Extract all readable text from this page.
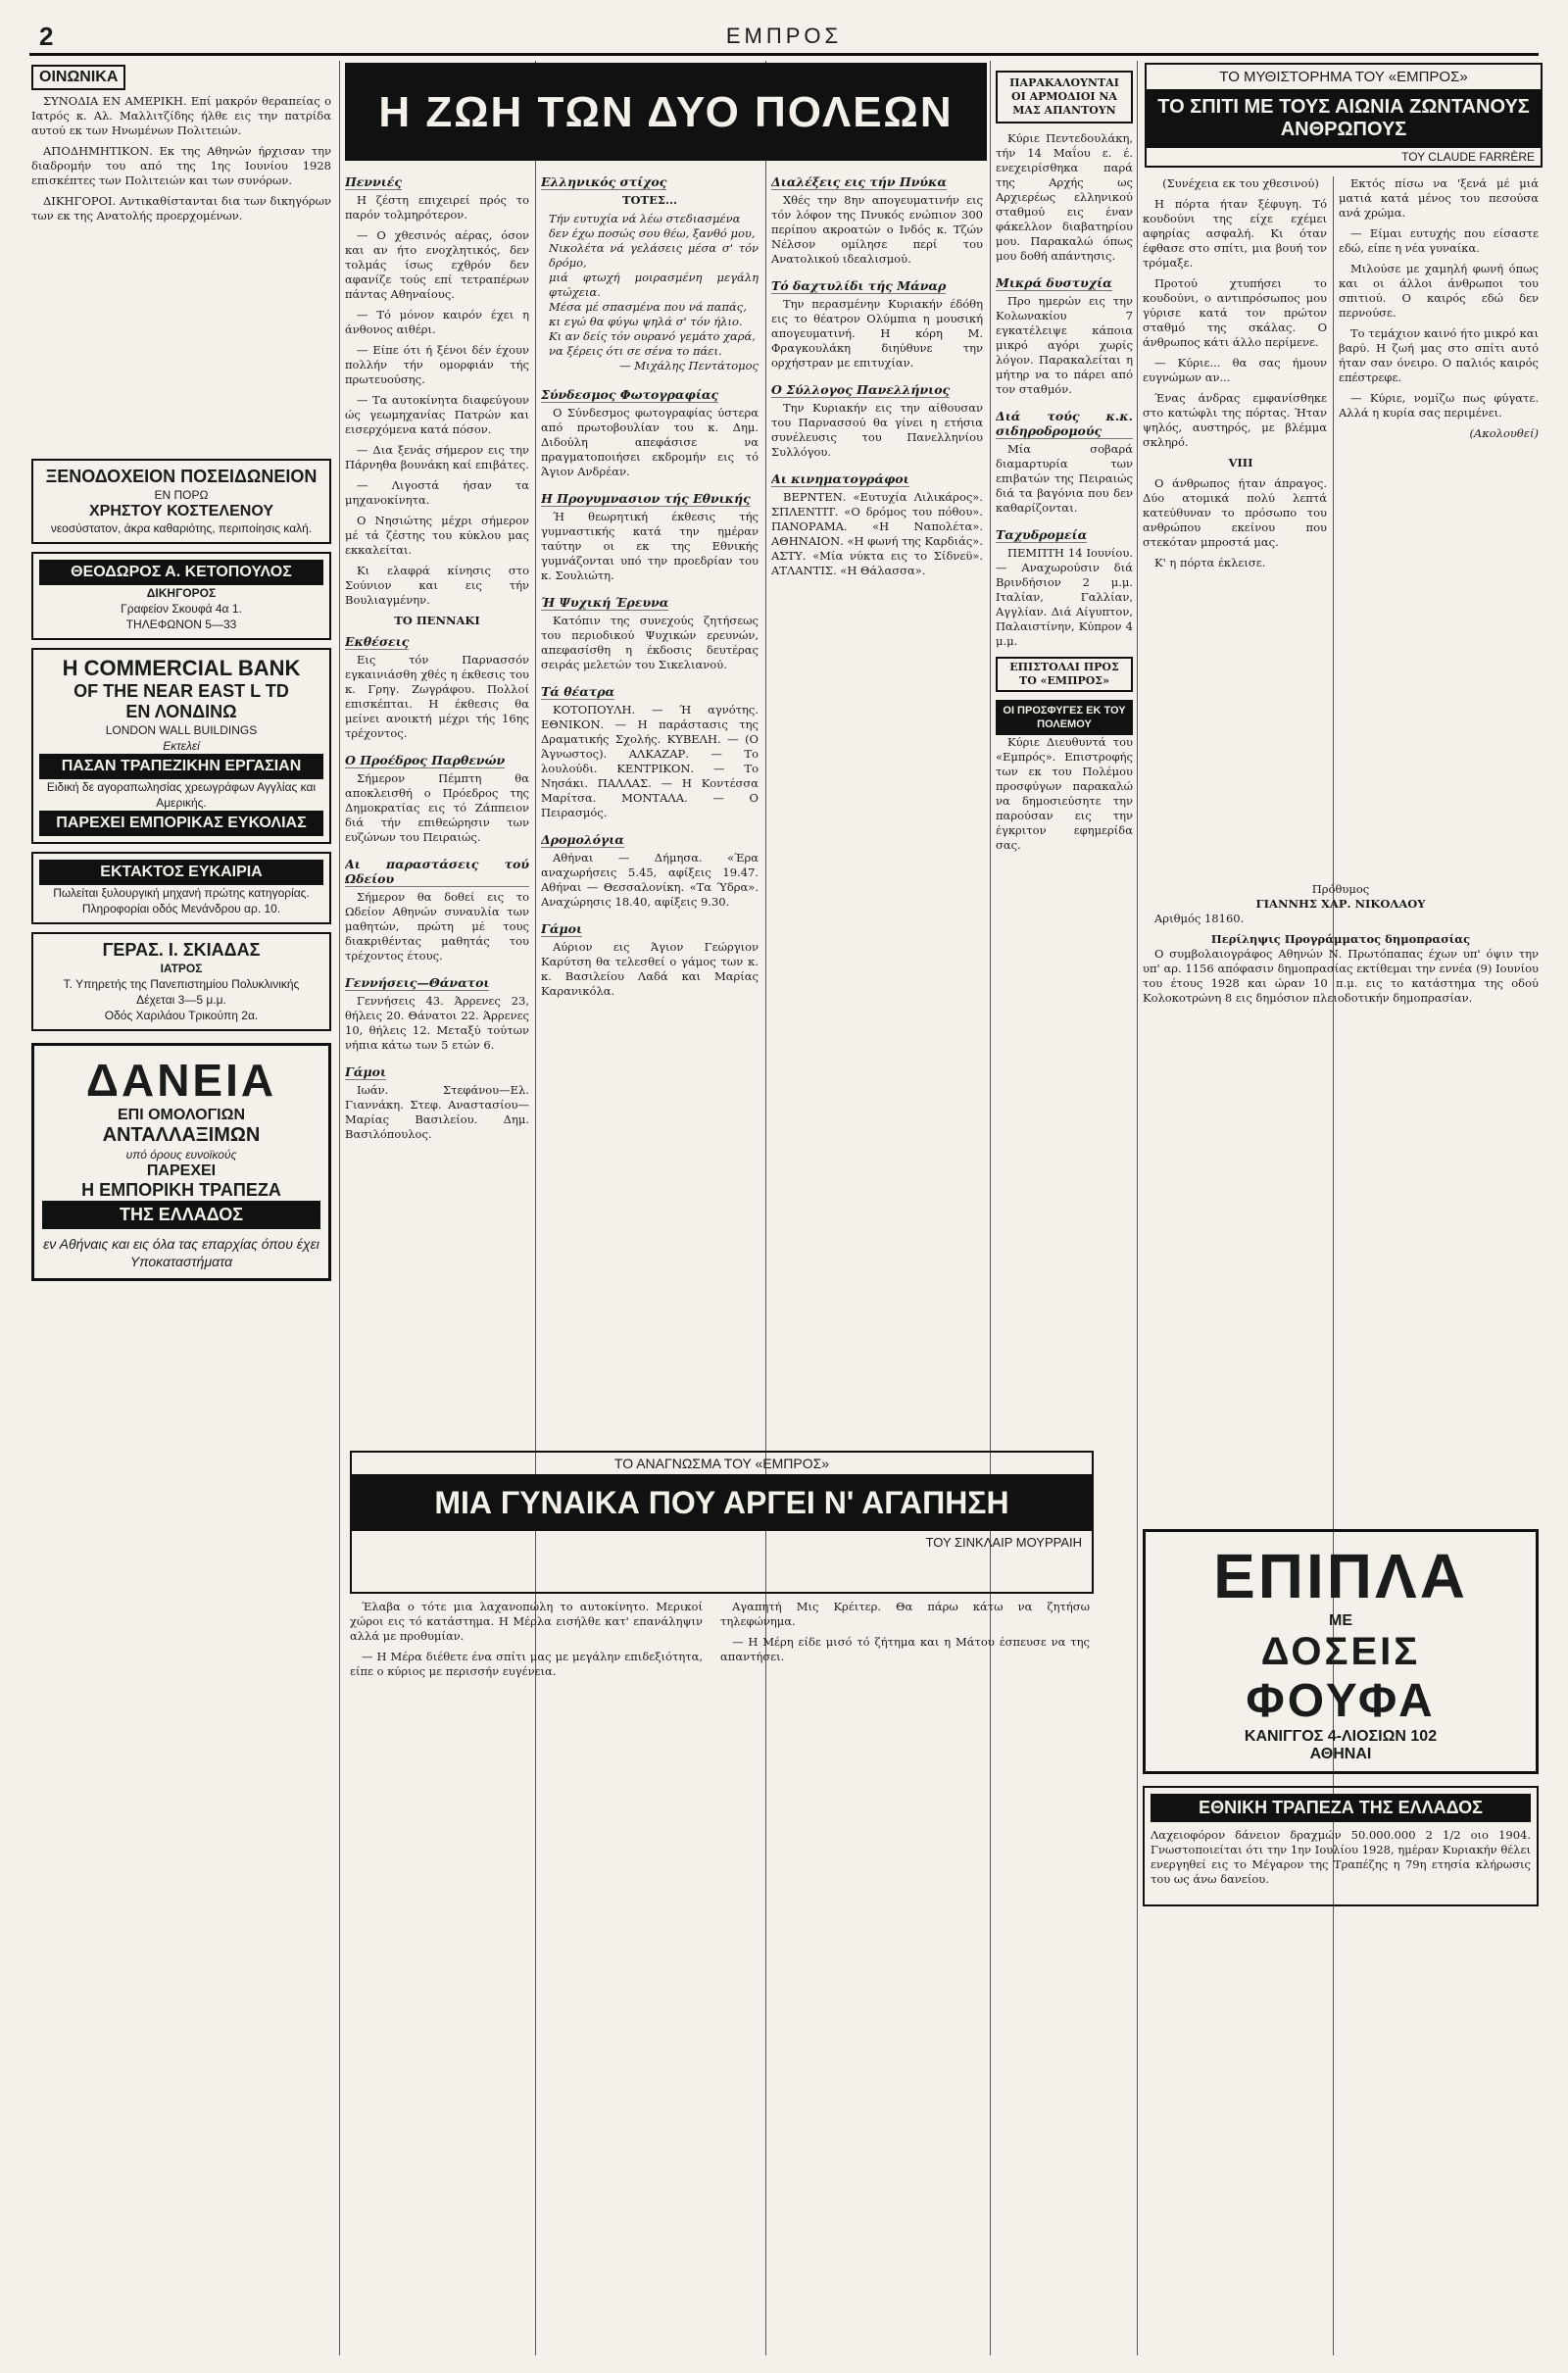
2	ΕΜΠΡΟΣ
ΟΙΝΩΝΙΚΑ

ΣΥΝΟΔΙΑ ΕΝ ΑΜΕΡΙΚΗ. Επί μακρόν θεραπείας ο Ιατρός κ. Αλ. Μαλλιτζίδης ήλθε εις την πατρίδα αυτού εκ των Ηνωμένων Πολιτειών.

ΑΠΟΔΗΜΗΤΙΚΟΝ. Εκ της Αθηνών ήρχισαν την διαδρομήν του από της 1ης Ιουνίου 1928 επισκέπτες των Πολιτειών και των συνόρων.

ΔΙΚΗΓΟΡΟΙ. Αντικαθίστανται δια των δικηγόρων των εκ της Ανατολής προερχομένων.

ΞΕΝΟΔΟΧΕΙΟΝ ΠΟΣΕΙΔΩΝΕΙΟΝ
ΕΝ ΠΟΡΩ
ΧΡΗΣΤΟΥ ΚΟΣΤΕΛΕΝΟΥ
νεοσύστατον, άκρα καθαριότης, περιποίησις καλή.
ΘΕΟΔΩΡΟΣ Α. ΚΕΤΟΠΟΥΛΟΣ
ΔΙΚΗΓΟΡΟΣ
Γραφείον Σκουφά 4α 1.
ΤΗΛΕΦΩΝΟΝ 5—33
Η COMMERCIAL BANK
OF THE NEAR EAST L TD
ΕΝ ΛΟΝΔΙΝΩ
LONDON WALL BUILDINGS
Εκτελεί
ΠΑΣΑΝ ΤΡΑΠΕΖΙΚΗΝ ΕΡΓΑΣΙΑΝ
Ειδική δε αγοραπωλησίας χρεωγράφων Αγγλίας και Αμερικής.
ΠΑΡΕΧΕΙ ΕΜΠΟΡΙΚΑΣ ΕΥΚΟΛΙΑΣ
ΕΚΤΑΚΤΟΣ ΕΥΚΑΙΡΙΑ
Πωλείται ξυλουργική μηχανή πρώτης κατηγορίας.
Πληροφορίαι οδός Μενάνδρου αρ. 10.
ΓΕΡΑΣ. Ι. ΣΚΙΑΔΑΣ
ΙΑΤΡΟΣ
Τ. Υπηρετής της Πανεπιστημίου Πολυκλινικής
Δέχεται 3—5 μ.μ.
Οδός Χαριλάου Τρικούπη 2α.
ΔΑΝΕΙΑ
ΕΠΙ ΟΜΟΛΟΓΙΩΝ
ΑΝΤΑΛΛΑΞΙΜΩΝ
υπό όρους ευνοϊκούς
ΠΑΡΕΧΕΙ
Η ΕΜΠΟΡΙΚΗ ΤΡΑΠΕΖΑ
ΤΗΣ ΕΛΛΑΔΟΣ
εν Αθήναις και εις όλα τας επαρχίας όπου έχει Υποκαταστήματα
Η ΖΩΗ ΤΩΝ ΔΥΟ ΠΟΛΕΩΝ
Πεννιές

Η ζέστη επιχειρεί πρός το παρόν τολμηρότερον.

— Ο χθεσινός αέρας, όσον και αν ήτο ενοχλητικός, δεν τολμάς ίσως εχθρόν δεν αφανίζε τούς επί τετραπέρων πάντας Αθηναίους.

— Τό μόνον καιρόν έχει η άνθονος αιθέρι.

— Είπε ότι ή ξένοι δέν έχουν πολλήν τήν ομορφιάν τής πρωτευούσης.

— Τα αυτοκίνητα διαφεύγουν ώς γεωμηχανίας Πατρών και εισερχόμενα κατά πόσον.

— Δια ξενάς σήμερον εις την Πάρνηθα βουνάκη καί επιβάτες.

— Λιγοστά ήσαν τα μηχανοκίνητα.

Ο Νησιώτης μέχρι σήμερον μέ τά ζέστης του κύκλου μας εκκαλείται.

Κι ελαφρά κίνησις στο Σούνιον και εις τήν Βουλιαγμένην.

ΤΟ ΠΕΝΝΑΚΙ
Εκθέσεις

Εις τόν Παρνασσόν εγκαινιάσθη χθές η έκθεσις του κ. Γρηγ. Ζωγράφου. Πολλοί επισκέπται. Η έκθεσις θα μείνει ανοικτή μέχρι τής 16ης τρέχοντος.

Ο Προέδρος Παρθενών

Σήμερον Πέμπτη θα αποκλεισθή ο Πρόεδρος της Δημοκρατίας εις τό Ζάππειον διά τήν επιθεώρησιν των ευζώνων του Πειραιώς.

Αι παραστάσεις τού Ωδείου

Σήμερον θα δοθεί εις το Ωδείον Αθηνών συναυλία των μαθητών, πρώτη μέ τους διακριθέντας μαθητάς του τρέχοντος έτους.

Γεννήσεις—Θάνατοι

Γεννήσεις 43. Άρρενες 23, θήλεις 20. Θάνατοι 22. Άρρενες 10, θήλεις 12. Μεταξύ τούτων νήπια κάτω των 5 ετών 6.

Γάμοι

Ιωάν. Στεφάνου—Ελ. Γιαννάκη. Στεφ. Αναστασίου—Μαρίας Βασιλείου. Δημ. Βασιλόπουλος.

Ελληνικός στίχος
ΤΟΤΕΣ...
Τήν ευτυχία νά λέω στεδιασμένα
δεν έχω ποσώς σου θέω, ξανθό μου,
Νικολέτα νά γελάσεις μέσα σ' τόν δρόμο,
μιά φτωχή μοιρασμένη μεγάλη φτώχεια.
Μέσα μέ σπασμένα που νά παπάς,
κι εγώ θα φύγω ψηλά σ' τόν ήλιο.
Κι αν δείς τόν ουρανό γεμάτο χαρά,
να ξέρεις ότι σε σένα το πάει.
— Μιχάλης Πεντάτομος
Σύνδεσμος Φωτογραφίας

Ο Σύνδεσμος φωτογραφίας ύστερα από πρωτοβουλίαν του κ. Δημ. Διδούλη απεφάσισε να πραγματοποιήσει εκδρομήν εις τό Άγιον Ανδρέαν.

Η Προγυμνασιον τής Εθνικής

Ή θεωρητική έκθεσις τής γυμναστικής κατά την ημέραν ταύτην οι εκ της Εθνικής γυμνάζονται υπό την προεδρίαν του κ. Σουλιώτη.

Ή Ψυχική Έρευνα

Κατόπιν της συνεχούς ζητήσεως του περιοδικού Ψυχικών ερευνών, απεφασίσθη η έκδοσις δευτέρας σειράς μελετών του Σικελιανού.

Τά θέατρα

ΚΟΤΟΠΟΥΛΗ. — Ή αγνότης. ΕΘΝΙΚΟΝ. — Η παράστασις της Δραματικής Σχολής. ΚΥΒΕΛΗ. — (Ο Άγνωστος). ΑΛΚΑΖΑΡ. — Το λουλούδι. ΚΕΝΤΡΙΚΟΝ. — Το Νησάκι. ΠΑΛΛΑΣ. — Η Κοντέσσα Μαρίτσα. ΜΟΝΤΑΛΑ. — Ο Πειρασμός.

Δρομολόγια

Αθήναι — Δήμησα. «Έρα αναχωρήσεις 5.45, αφίξεις 19.47. Αθήναι — Θεσσαλονίκη. «Τα Ύδρα». Αναχώρησις 18.40, αφίξεις 9.30.

Γάμοι

Αύριον εις Άγιον Γεώργιον Καρύτση θα τελεσθεί ο γάμος των κ. κ. Βασιλείου Λαδά και Μαρίας Καρανικόλα.

Διαλέξεις εις τήν Πνύκα

Χθές την 8ην απογευματινήν εις τόν λόφον της Πνυκός ενώπιον 300 περίπου ακροατών ο Ινδός κ. Τζών Νέλσον ομίλησε περί του Ανατολικού ιδεαλισμού.

Τό δαχτυλίδι τής Μάναρ

Την περασμένην Κυριακήν έδόθη εις το θέατρον Ολύμπια η μουσική απογευματινή. Η κόρη Μ. Φραγκουλάκη διηύθυνε την ορχήστραν με επιτυχίαν.

Ο Σύλλογος Πανελλήνιος

Την Κυριακήν εις την αίθουσαν του Παρνασσού θα γίνει η ετήσια συνέλευσις του Πανελληνίου Συλλόγου.

Αι κινηματογράφοι

ΒΕΡΝΤΕΝ. «Ευτυχία Λιλικάρος». ΣΠΛΕΝΤΙΤ. «Ο δρόμος του πόθου». ΠΑΝΟΡΑΜΑ. «Η Ναπολέτα». ΑΘΗΝΑΙΟΝ. «Η φωνή της Καρδιάς». ΑΣΤΥ. «Μία νύκτα εις το Σίδνεϋ». ΑΤΛΑΝΤΙΣ. «Η Θάλασσα».

ΠΑΡΑΚΑΛΟΥΝΤΑΙ ΟΙ ΑΡΜΟΔΙΟΙ ΝΑ ΜΑΣ ΑΠΑΝΤΟΥΝ

Κύριε Πεντεδουλάκη, τήν 14 Μαΐου ε. έ. ενεχειρίσθηκα παρά της Αρχής ως Αρχιερέως ελληνικού σταθμού εις έναν φάκελλον διαβατηρίου μου. Παρακαλώ όπως μου δοθή απάντησις.

Μικρά δυστυχία

Προ ημερών εις την Κολωνακίου 7 εγκατέλειψε κάποια μικρό αγόρι χωρίς λόγον. Παρακαλείται η μήτηρ να το πάρει από τον σταθμόν.

Διά τούς κ.κ. σιδηροδρομούς

Μία σοβαρά διαμαρτυρία των επιβατών της Πειραιώς διά τα βαγόνια που δεν καθαρίζονται.

Ταχυδρομεία

ΠΕΜΠΤΗ 14 Ιουνίου. — Αναχωρούσιν διά Βρινδήσιον 2 μ.μ. Ιταλίαν, Γαλλίαν, Αγγλίαν. Διά Αίγυπτον, Παλαιστίνην, Κύπρον 4 μ.μ.

ΕΠΙΣΤΟΛΑΙ ΠΡΟΣ ΤΟ «ΕΜΠΡΟΣ»
ΟΙ ΠΡΟΣΦΥΓΕΣ ΕΚ ΤΟΥ ΠΟΛΕΜΟΥ

Κύριε Διευθυντά του «Εμπρός». Επιστροφής των εκ του Πολέμου προσφύγων παρακαλώ να δημοσιεύσητε την παρούσαν εις την έγκριτον εφημερίδα σας.

ΤΟ ΜΥΘΙΣΤΟΡΗΜΑ ΤΟΥ «ΕΜΠΡΟΣ»
ΤΟ ΣΠΙΤΙ ΜΕ ΤΟΥΣ ΑΙΩΝΙΑ ΖΩΝΤΑΝΟΥΣ ΑΝΘΡΩΠΟΥΣ
ΤΟΥ CLAUDE FARRÈRE

(Συνέχεια εκ του χθεσινού)

Η πόρτα ήταν ξέφυγη. Τό κουδούνι της είχε εχέμει αφηρίας ασφαλή. Κι όταν έφθασε στο σπίτι, μια βουή τον τρόμαξε.

Προτού χτυπήσει το κουδούνι, ο αντιπρόσωπος μου γύρισε κατά τον πρώτον σταθμό της σκάλας. Ο άνθρωπος κάτι άλλο περίμενε.

— Κύριε... θα σας ήμουν ευγνώμων αν...

Ένας άνδρας εμφανίσθηκε στο κατώφλι της πόρτας. Ήταν ψηλός, αυστηρός, με βλέμμα σκληρό.

VIII

Ο άνθρωπος ήταν άπραγος. Δύο ατομικά πολύ λεπτά κατεύθυναν το πρόσωπο του ανθρώπου εκείνου που στεκόταν μπροστά μας.

Κ' η πόρτα έκλεισε.

Εκτός πίσω να 'ξενά μέ μιά ματιά κατά μένος του πεσούσα ανά χρώμα.

— Είμαι ευτυχής που είσαστε εδώ, είπε η νέα γυναίκα.

Μιλούσε με χαμηλή φωνή όπως και οι άλλοι άνθρωποι του σπιτιού. Ο καιρός εδώ δεν περνούσε.

Το τεμάχιον καινό ήτο μικρό και βαρύ. Η ζωή μας στο σπίτι αυτό ήταν σαν όνειρο. Ο παλιός καιρός επέστρεφε.

— Κύριε, νομίζω πως φύγατε. Αλλά η κυρία σας περιμένει.

(Ακολουθεί)
Πρόθυμος
ΓΙΑΝΝΗΣ ΧΑΡ. ΝΙΚΟΛΑΟΥ

Αριθμός 18160.

Περίληψις Προγράμματος δημοπρασίας

Ο συμβολαιογράφος Αθηνών Ν. Πρωτόπαπας έχων υπ' όψιν την υπ' αρ. 1156 απόφασιν δημοπρασίας εκτίθεμαι την εννέα (9) Ιουνίου του έτους 1928 και ώραν 10 π.μ. εις το κατάστημα της οδού Κολοκοτρώνη 8 εις δημόσιον πλειοδοτικήν δημοπρασίαν.

ΤΟ ΑΝΑΓΝΩΣΜΑ ΤΟΥ «ΕΜΠΡΟΣ»
ΜΙΑ ΓΥΝΑΙΚΑ ΠΟΥ ΑΡΓΕΙ Ν' ΑΓΑΠΗΣΗ
ΤΟΥ ΣΙΝΚΛΑΙΡ ΜΟΥΡΡΑΙΗ

Έλαβα ο τότε μια λαχανοπώλη το αυτοκίνητο. Μερικοί χώροι εις τό κατάστημα. Η Μέρλα εισήλθε κατ' επανάληψιν αλλά με προθυμίαν.

— Η Μέρα διέθετε ένα σπίτι μας με μεγάλην επιδεξιότητα, είπε ο κύριος με περισσήν ευγένεια.

Αγαπητή Μις Κρέιτερ. Θα πάρω κάτω να ζητήσω τηλεφώνημα.

— Η Μέρη είδε μισό τό ζήτημα και η Μάτου έσπευσε να της απαντήσει.

ΕΠΙΠΛΑ
ΜΕ
ΔΟΣΕΙΣ
ΦΟΥΦΑ
ΚΑΝΙΓΓΟΣ 4-ΛΙΟΣΙΩΝ 102
ΑΘΗΝΑΙ
ΕΘΝΙΚΗ ΤΡΑΠΕΖΑ ΤΗΣ ΕΛΛΑΔΟΣ

Λαχειοφόρον δάνειον δραχμών 50.000.000 2 1/2 οιο 1904. Γνωστοποιείται ότι την 1ην Ιουλίου 1928, ημέραν Κυριακήν θέλει ενεργηθεί εις το Μέγαρον της Τραπέζης η 79η ετησία κλήρωσις του ως άνω δανείου.
